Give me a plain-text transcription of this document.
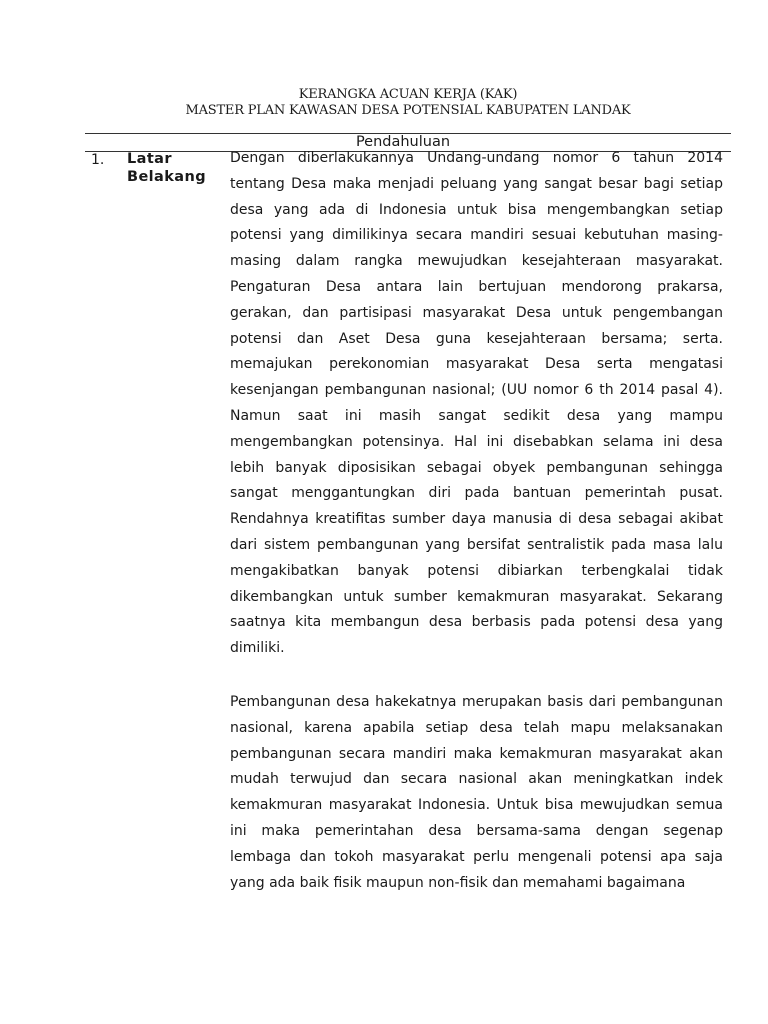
KERANGKA ACUAN KERJA (KAK)
MASTER PLAN KAWASAN DESA POTENSIAL KABUPATEN LANDAK
Pendahuluan
1. Latar Belakang

Dengan diberlakukannya Undang-undang nomor 6 tahun 2014 tentang Desa maka menjadi peluang yang sangat besar bagi setiap desa yang ada di Indonesia untuk bisa mengembangkan setiap potensi yang dimilikinya secara mandiri sesuai kebutuhan masing-masing dalam rangka mewujudkan kesejahteraan masyarakat. Pengaturan Desa antara lain bertujuan mendorong prakarsa, gerakan, dan partisipasi masyarakat Desa untuk pengembangan potensi dan Aset Desa guna kesejahteraan bersama; serta. memajukan perekonomian masyarakat Desa serta mengatasi kesenjangan pembangunan nasional; (UU nomor 6 th 2014 pasal 4). Namun saat ini masih sangat sedikit desa yang mampu mengembangkan potensinya. Hal ini disebabkan selama ini desa lebih banyak diposisikan sebagai obyek pembangunan sehingga sangat menggantungkan diri pada bantuan pemerintah pusat. Rendahnya kreatifitas sumber daya manusia di desa sebagai akibat dari sistem pembangunan yang bersifat sentralistik pada masa lalu mengakibatkan banyak potensi dibiarkan terbengkalai tidak dikembangkan untuk sumber kemakmuran masyarakat. Sekarang saatnya kita membangun desa berbasis pada potensi desa yang dimiliki.

Pembangunan desa hakekatnya merupakan basis dari pembangunan nasional, karena apabila setiap desa telah mapu melaksanakan pembangunan secara mandiri maka kemakmuran masyarakat akan mudah terwujud dan secara nasional akan meningkatkan indek kemakmuran masyarakat Indonesia. Untuk bisa mewujudkan semua ini maka pemerintahan desa bersama-sama dengan segenap lembaga dan tokoh masyarakat perlu mengenali potensi apa saja yang ada baik fisik maupun non-fisik dan memahami bagaimana
